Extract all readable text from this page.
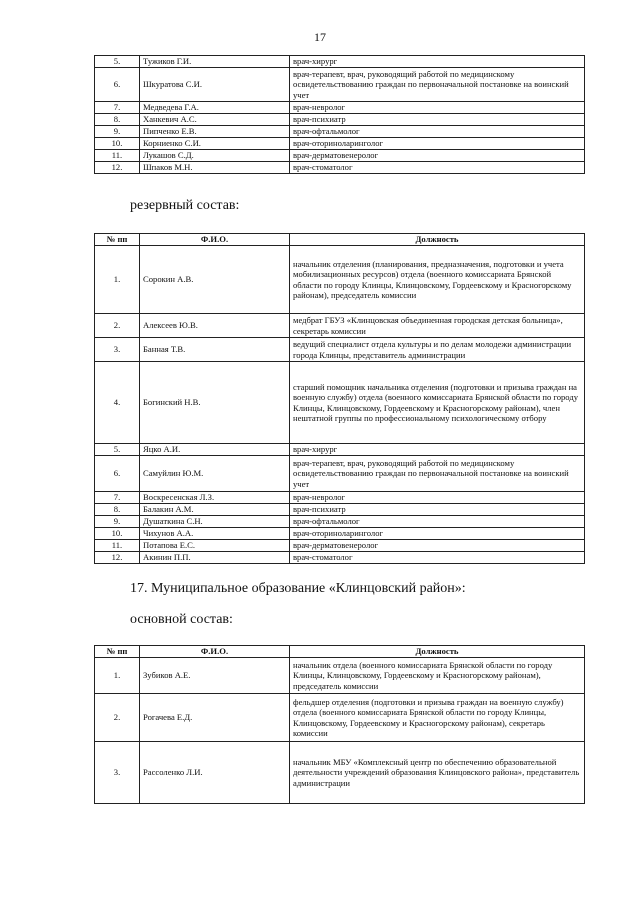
17
5.	Тужиков Г.И.	врач-хирург
6.	Шкуратова С.И.	врач-терапевт, врач, руководящий работой по медицинскому освидетельствованию граждан по первоначальной постановке на воинский учет
7.	Медведева Г.А.	врач-невролог
8.	Ханкевич А.С.	врач-психиатр
9.	Пипченко Е.В.	врач-офтальмолог
10.	Корниенко С.И.	врач-оториноларинголог
11.	Лукашов С.Д.	врач-дерматовенеролог
12.	Шпаков М.Н.	врач-стоматолог
резервный состав:
№ пп	Ф.И.О.	Должность
1.	Сорокин А.В.	начальник отделения (планирования, предназначения, подготовки и учета мобилизационных ресурсов) отдела (военного комиссариата Брянской области по городу Клинцы, Клинцовскому, Гордеевскому и Красногорскому районам), председатель комиссии
2.	Алексеев Ю.В.	медбрат ГБУЗ «Клинцовская объединенная городская детская больница», секретарь комиссии
3.	Банная Т.В.	ведущий специалист отдела культуры и по делам молодежи администрации города Клинцы, представитель администрации
4.	Богинский Н.В.	старший помощник начальника отделения (подготовки и призыва граждан на военную службу) отдела (военного комиссариата Брянской области по городу Клинцы, Клинцовскому, Гордеевскому и Красногорскому районам), член нештатной группы по профессиональному психологическому отбору
5.	Яцко А.И.	врач-хирург
6.	Самуйлин Ю.М.	врач-терапевт, врач, руководящий работой по медицинскому освидетельствованию граждан по первоначальной постановке на воинский учет
7.	Воскресенская Л.З.	врач-невролог
8.	Балакин А.М.	врач-психиатр
9.	Душаткина С.Н.	врач-офтальмолог
10.	Чихунов А.А.	врач-оториноларинголог
11.	Потапова Е.С.	врач-дерматовенеролог
12.	Акинин П.П.	врач-стоматолог
17. Муниципальное образование «Клинцовский район»:
основной состав:
№ пп	Ф.И.О.	Должность
1.	Зубиков А.Е.	начальник отдела (военного комиссариата Брянской области по городу Клинцы, Клинцовскому, Гордеевскому и Красногорскому районам), председатель комиссии
2.	Рогачева Е.Д.	фельдшер отделения (подготовки и призыва граждан на военную службу) отдела (военного комиссариата Брянской области по городу Клинцы, Клинцовскому, Гордеевскому и Красногорскому районам), секретарь комиссии
3.	Рассоленко Л.И.	начальник МБУ «Комплексный центр по обеспечению образовательной деятельности учреждений образования Клинцовского района», представитель администрации
